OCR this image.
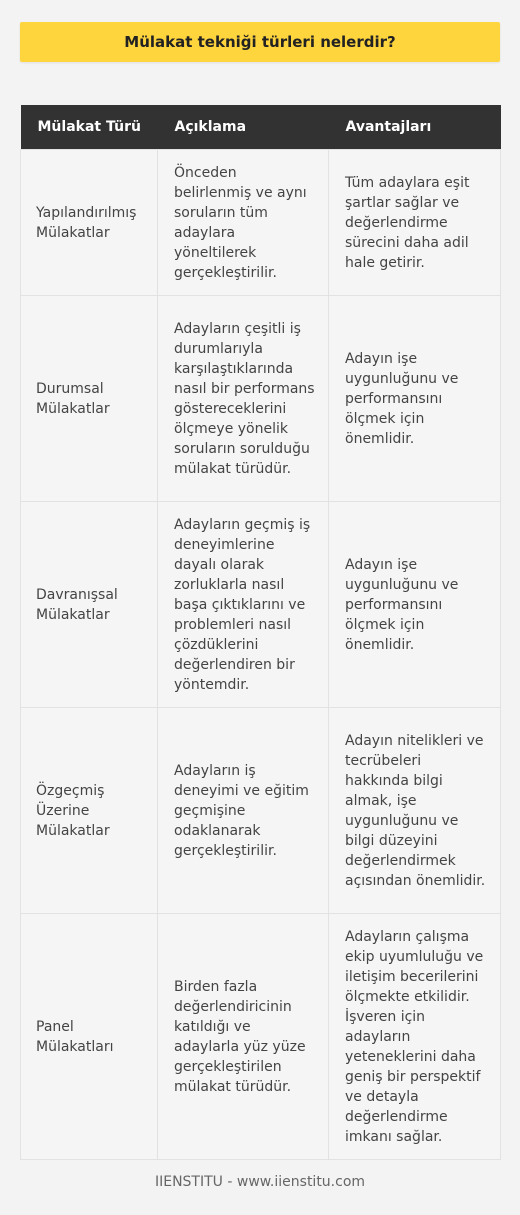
Mülakat tekniği türleri nelerdir?
Mülakat Türü	Açıklama	Avantajları
Yapılandırılmış Mülakatlar	Önceden belirlenmiş ve aynı soruların tüm adaylara yöneltilerek gerçekleştirilir.	Tüm adaylara eşit şartlar sağlar ve değerlendirme sürecini daha adil hale getirir.
Durumsal Mülakatlar	Adayların çeşitli iş durumlarıyla karşılaştıklarında nasıl bir performans göstereceklerini ölçmeye yönelik soruların sorulduğu mülakat türüdür.	Adayın işe uygunluğunu ve performansını ölçmek için önemlidir.
Davranışsal Mülakatlar	Adayların geçmiş iş deneyimlerine dayalı olarak zorluklarla nasıl başa çıktıklarını ve problemleri nasıl çözdüklerini değerlendiren bir yöntemdir.	Adayın işe uygunluğunu ve performansını ölçmek için önemlidir.
Özgeçmiş Üzerine Mülakatlar	Adayların iş deneyimi ve eğitim geçmişine odaklanarak gerçekleştirilir.	Adayın nitelikleri ve tecrübeleri hakkında bilgi almak, işe uygunluğunu ve bilgi düzeyini değerlendirmek açısından önemlidir.
Panel Mülakatları	Birden fazla değerlendiricinin katıldığı ve adaylarla yüz yüze gerçekleştirilen mülakat türüdür.	Adayların çalışma ekip uyumluluğu ve iletişim becerilerini ölçmekte etkilidir. İşveren için adayların yeteneklerini daha geniş bir perspektif ve detayla değerlendirme imkanı sağlar.
IIENSTITU - www.iienstitu.com
